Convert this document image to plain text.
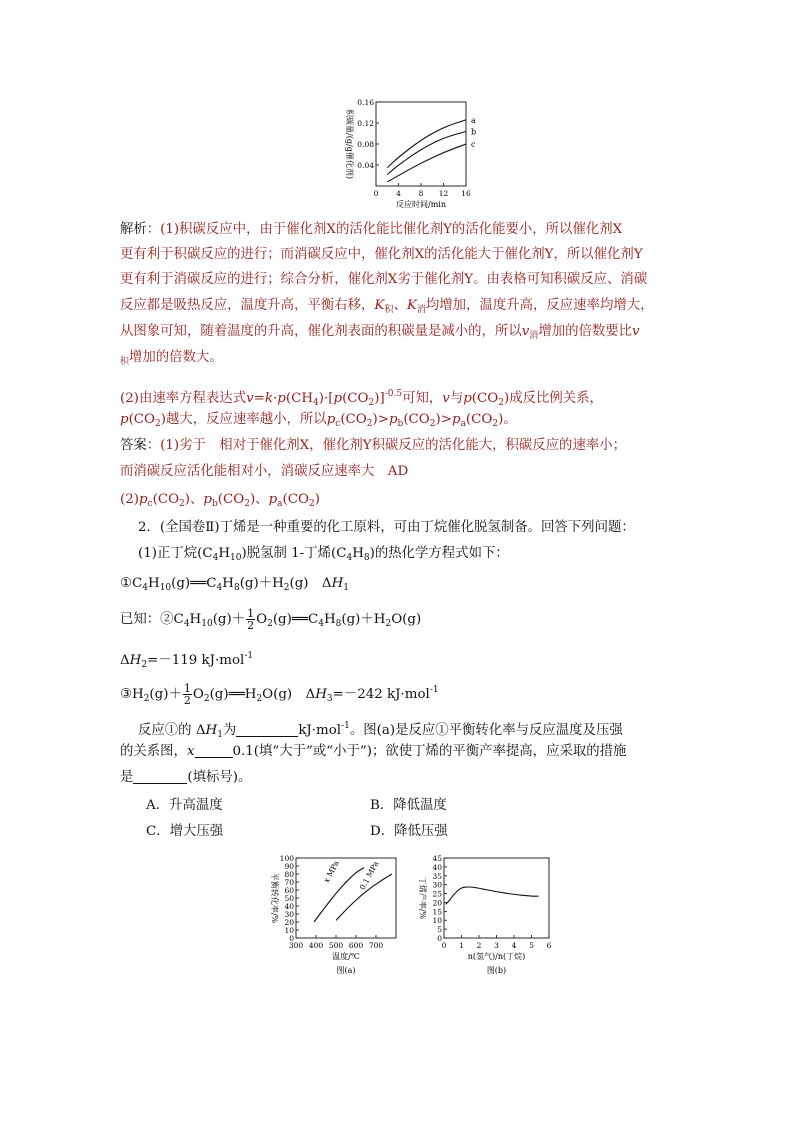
0 4 8 12 16
0.04
0.08
0.12
0.16
反应时间/min
积碳量/(g/g催化剂)	a
b
c
解析：(1)积碳反应中，由于催化剂X的活化能比催化剂Y的活化能要小，所以催化剂X
更有利于积碳反应的进行；而消碳反应中，催化剂X的活化能大于催化剂Y，所以催化剂Y
更有利于消碳反应的进行；综合分析，催化剂X劣于催化剂Y。由表格可知积碳反应、消碳
反应都是吸热反应，温度升高，平衡右移，$K_积$、$K_消$均增加，温度升高，反应速率均增大，
从图象可知，随着温度的升高，催化剂表面的积碳量是减小的，所以$v_消$增加的倍数要比v
$_积$增加的倍数大。
(2)由速率方程表达式$v=k\cdot p(CH_4)\cdot[p(CO_2)]^{-0.5}$可知，v与$p(CO_2)$成反比例关系，
$p(CO_2)$越大，反应速率越小，所以$p_c(CO_2)>p_b(CO_2)>p_a(CO_2)$。
答案：(1)劣于　相对于催化剂X，催化剂Y积碳反应的活化能大，积碳反应的速率小；
而消碳反应活化能相对小，消碳反应速率大　AD
$(2)p_c(CO_2)$、$p_b(CO_2)$、$p_a(CO_2)$
2．(全国卷Ⅱ)丁烯是一种重要的化工原料，可由丁烷催化脱氢制备。回答下列问题：
(1)正丁烷$(C_4H_{10})$脱氢制 1-丁烯$(C_4H_8)$的热化学方程式如下：
$①C_4H_{10}(g)══C_4H_8(g)+H_2(g)$　$\Delta H_1$
已知：$②C_4H_{10}(g)+ \frac{1}{2}$ $O_2(g)══C_4H_8(g)+H_2O(g)$
$\Delta H_2=-119$ kJ·mol$^{-1}$
$③H_2(g)+ \frac{1}{2}$ $O_2(g)══H_2O(g)$　$\Delta H_3=-242$ kJ·mol$^{-1}$
反应①的 $\Delta H_1$为	kJ·mol$^{-1}$。图(a)是反应①平衡转化率与反应温度及压强
的关系图，x	0.1(填“大于”或“小于”)；欲使丁烯的平衡产率提高，应采取的措施
是	(填标号)。
A．升高温度	B．降低温度
C．增大压强	D．降低压强
300 400 500 600 700
0
10
20
30
40
50
60
70
80
90
100
温度/℃
平衡转化率/%
x MPa 0.1 MPa
图(a)
0 1 2 3 4 5 6
0
5
10
15
20
25
30
35
40
45
n(氢气)/n(丁烷)
丁烯产率/%
图(b)
